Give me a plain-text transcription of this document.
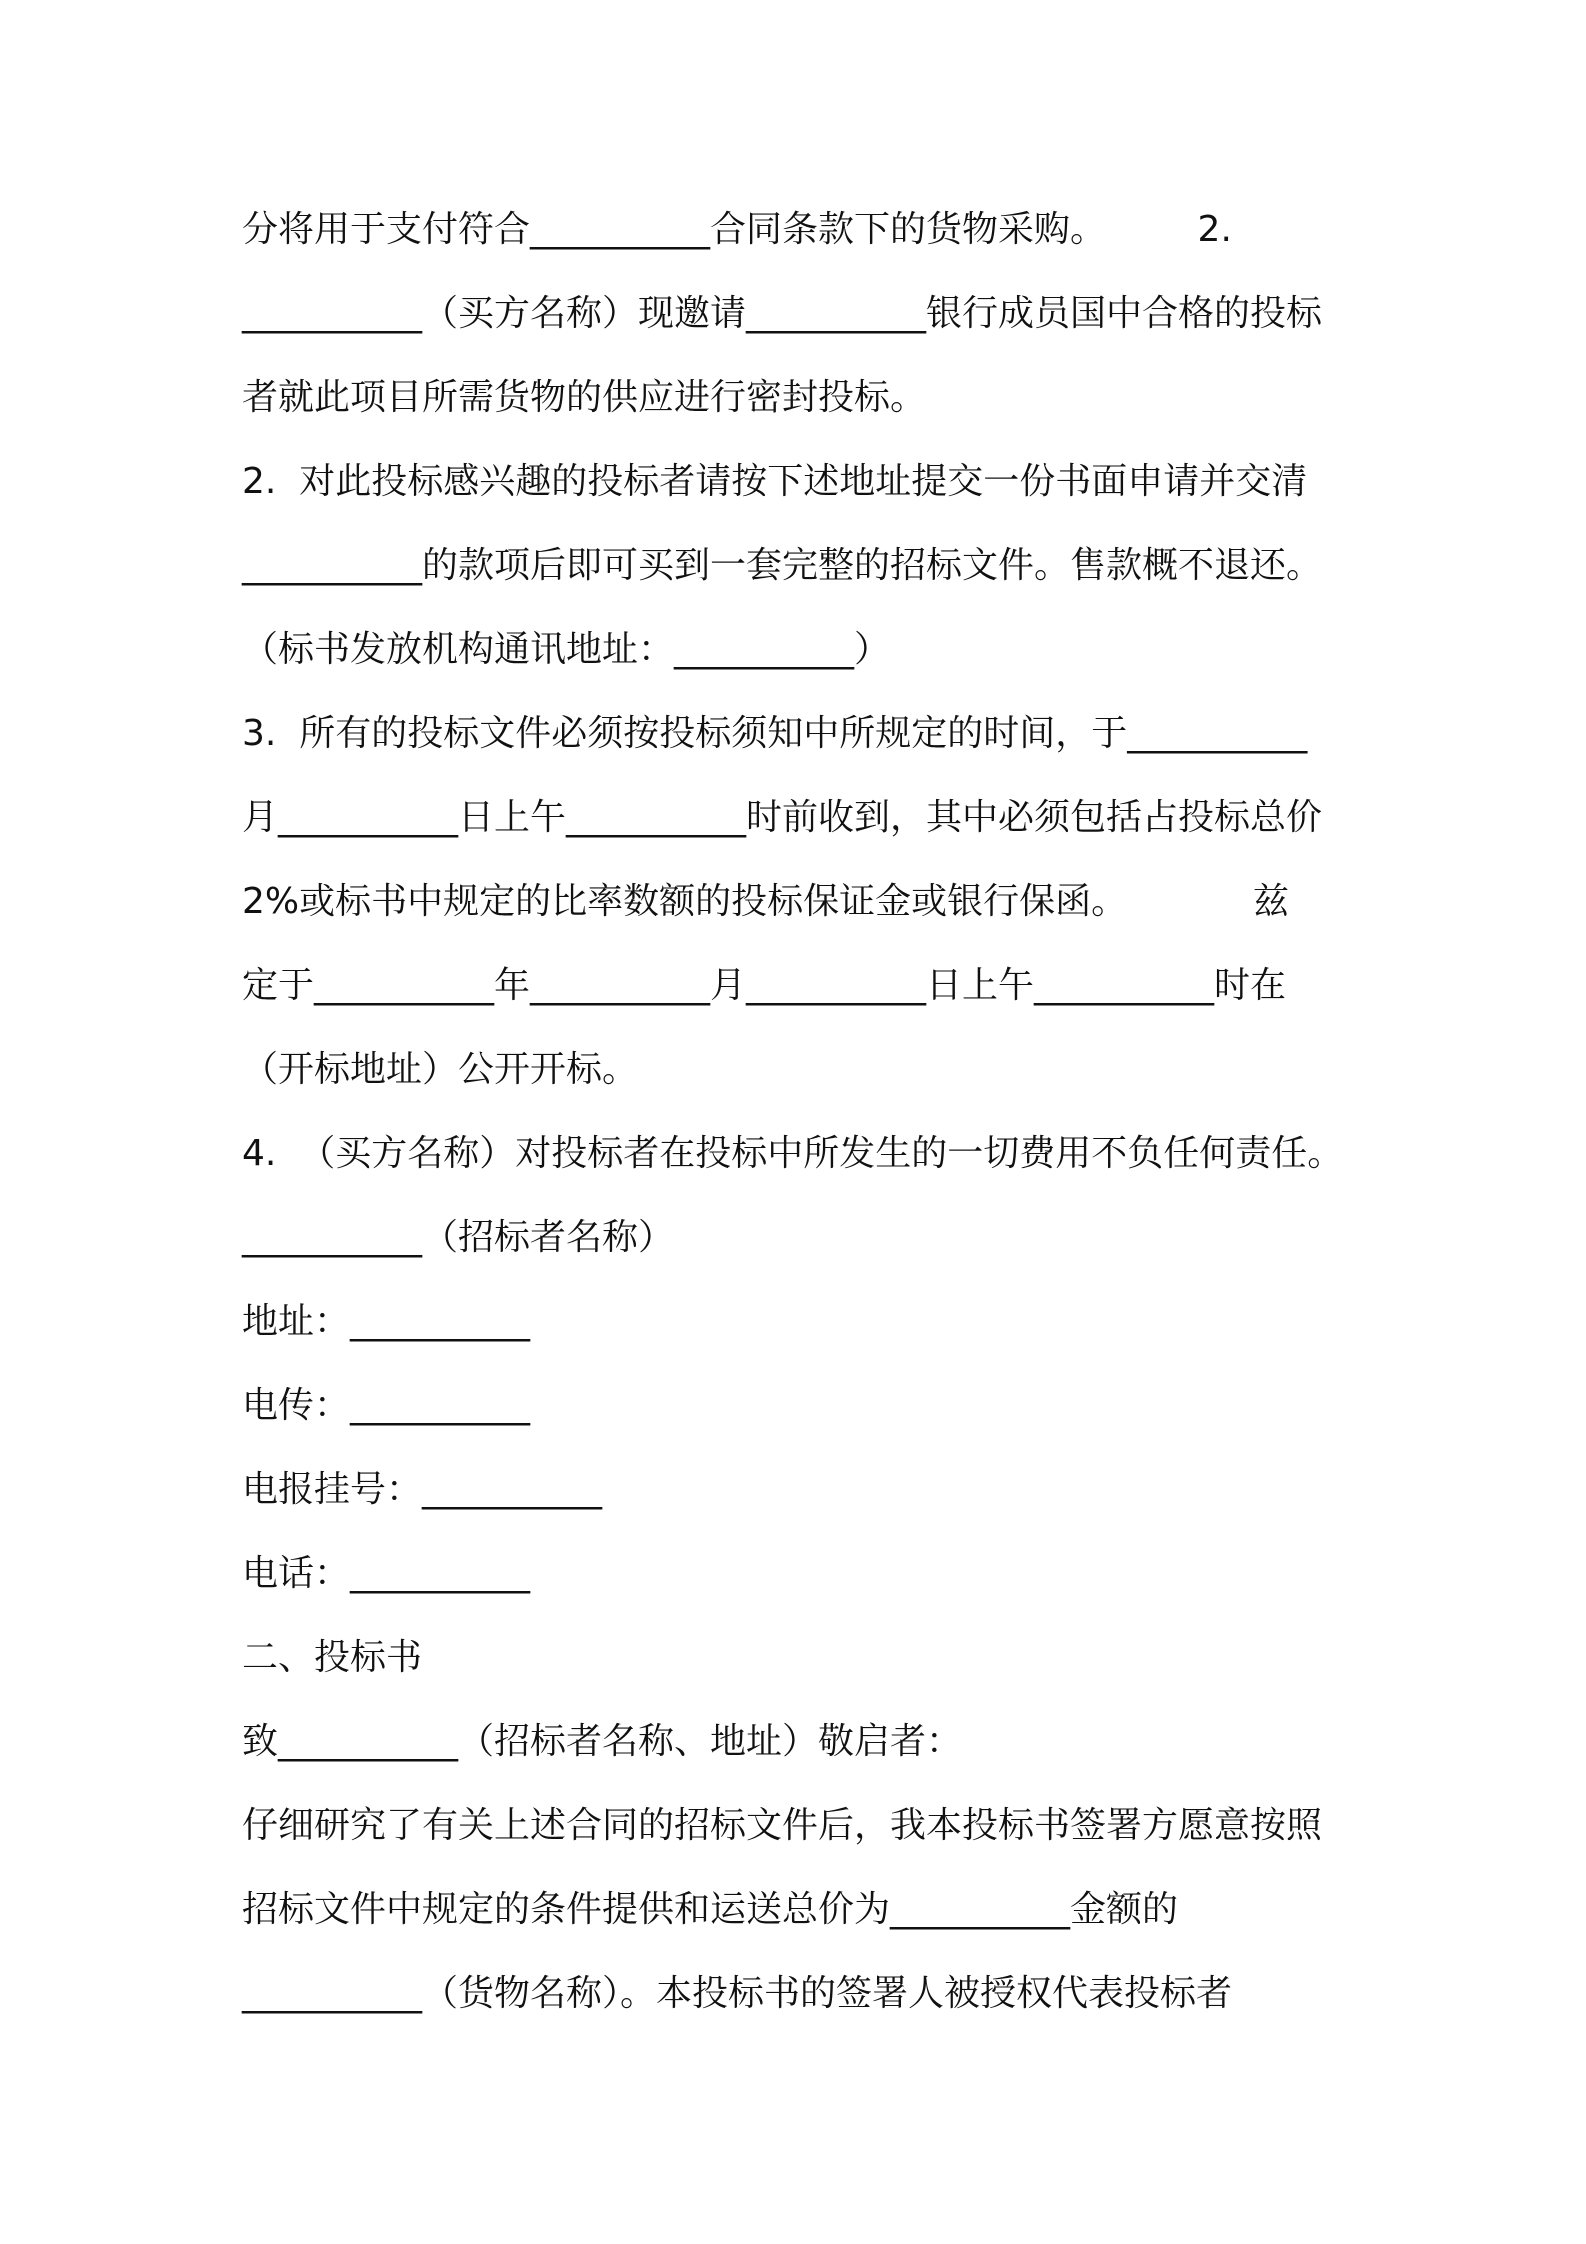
分将用于支付符合__________合同条款下的货物采购。        2.

__________（买方名称）现邀请__________银行成员国中合格的投标

者就此项目所需货物的供应进行密封投标。

2.  对此投标感兴趣的投标者请按下述地址提交一份书面申请并交清

__________的款项后即可买到一套完整的招标文件。售款概不退还。

（标书发放机构通讯地址：__________）

3.  所有的投标文件必须按投标须知中所规定的时间，于__________

月__________日上午__________时前收到，其中必须包括占投标总价

2%或标书中规定的比率数额的投标保证金或银行保函。           兹

定于__________年__________月__________日上午__________时在

（开标地址）公开开标。

4.  （买方名称）对投标者在投标中所发生的一切费用不负任何责任。

__________（招标者名称）

地址：__________

电传：__________

电报挂号：__________

电话：__________

二、投标书

致__________（招标者名称、地址）敬启者：

仔细研究了有关上述合同的招标文件后，我本投标书签署方愿意按照

招标文件中规定的条件提供和运送总价为__________金额的

__________（货物名称）。本投标书的签署人被授权代表投标者
